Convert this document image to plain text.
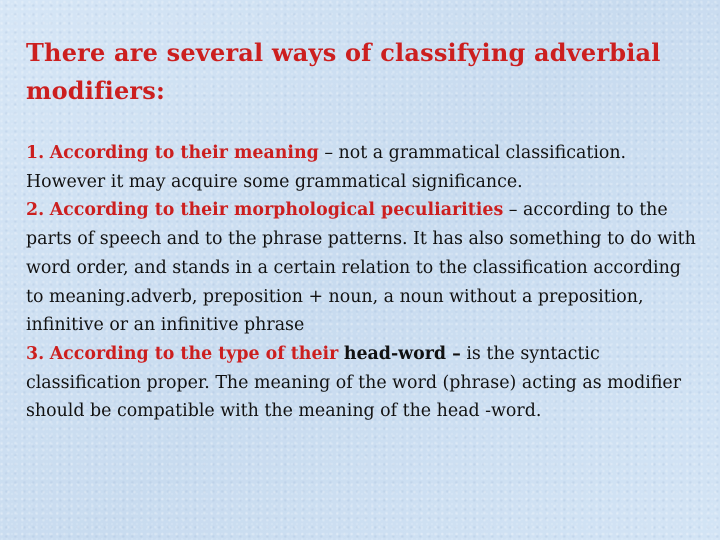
There are several ways of classifying adverbial modifiers:

1. According to their meaning – not a grammatical classification. However it may acquire some grammatical significance.

2. According to their morphological peculiarities – according to the parts of speech and to the phrase patterns. It has also something to do with word order, and stands in a certain relation to the classification according to meaning.adverb, preposition + noun, a noun without a preposition, infinitive or an infinitive phrase

3. According to the type of their head-word – is the syntactic classification proper. The meaning of the word (phrase) acting as modifier should be compatible with the meaning of the head -word.
